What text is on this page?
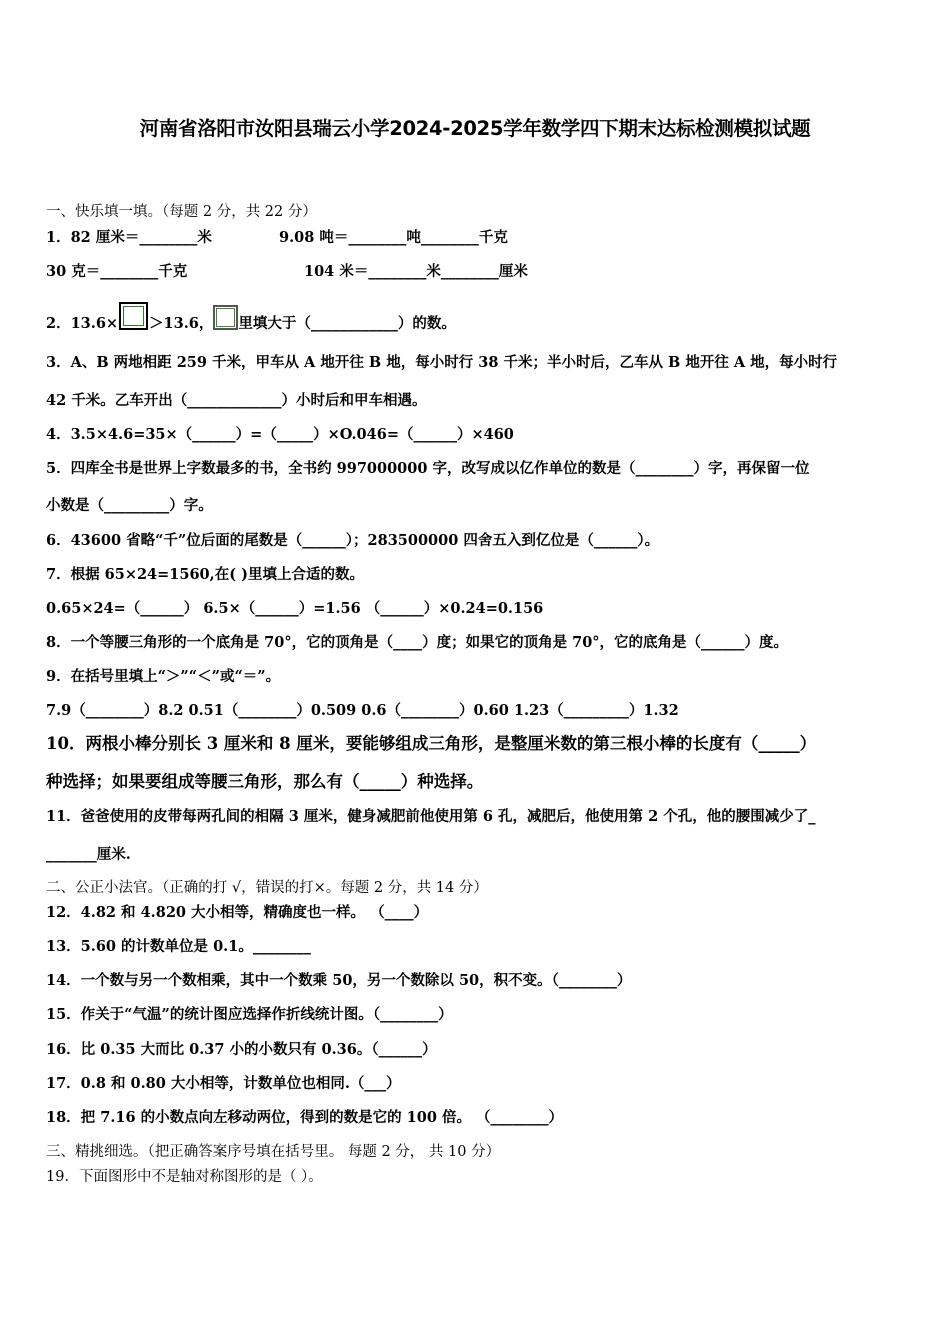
河南省洛阳市汝阳县瑞云小学2024-2025学年数学四下期末达标检测模拟试题
一、快乐填一填。（每题 2 分，共 22 分）
1．82 厘米＝________米	9.08 吨＝________吨________千克
30 克＝________千克	104 米＝________米________厘米
2．13.6× ＞13.6， 里填大于（____________）的数。
3．A、B 两地相距 259 千米，甲车从 A 地开往 B 地，每小时行 38 千米；半小时后，乙车从 B 地开往 A 地，每小时行
42 千米。乙车开出（_____________）小时后和甲车相遇。
4．3.5×4.6=35×（______）=（_____）×O.046=（______）×460
5．四库全书是世界上字数最多的书，全书约 997000000 字，改写成以亿作单位的数是（________）字，再保留一位
小数是（_________）字。
6．43600 省略“千”位后面的尾数是（______）；283500000 四舍五入到亿位是（______）。
7．根据 65×24=1560,在( )里填上合适的数。
0.65×24=（______） 6.5×（______）=1.56 （______）×0.24=0.156
8．一个等腰三角形的一个底角是 70°，它的顶角是（____）度；如果它的顶角是 70°，它的底角是（______）度。
9．在括号里填上“＞”“＜”或“＝”。
7.9（________）8.2 0.51（________）0.509 0.6（________）0.60 1.23（_________）1.32
10．两根小棒分别长 3 厘米和 8 厘米，要能够组成三角形，是整厘米数的第三根小棒的长度有（_____）
种选择；如果要组成等腰三角形，那么有（_____）种选择。
11．爸爸使用的皮带每两孔间的相隔 3 厘米，健身减肥前他使用第 6 孔，减肥后，他使用第 2 个孔，他的腰围减少了_
_______厘米.
二、公正小法官。（正确的打 √，错误的打×。每题 2 分，共 14 分）
12．4.82 和 4.820 大小相等，精确度也一样。 （____）
13．5.60 的计数单位是 0.1。________
14．一个数与另一个数相乘，其中一个数乘 50，另一个数除以 50，积不变。（________）
15．作关于“气温”的统计图应选择作折线统计图。（________）
16．比 0.35 大而比 0.37 小的小数只有 0.36。（______）
17．0.8 和 0.80 大小相等，计数单位也相同.（___）
18．把 7.16 的小数点向左移动两位，得到的数是它的 100 倍。 （________）
三、精挑细选。（把正确答案序号填在括号里。 每题 2 分， 共 10 分）
19．下面图形中不是轴对称图形的是（ ）。
